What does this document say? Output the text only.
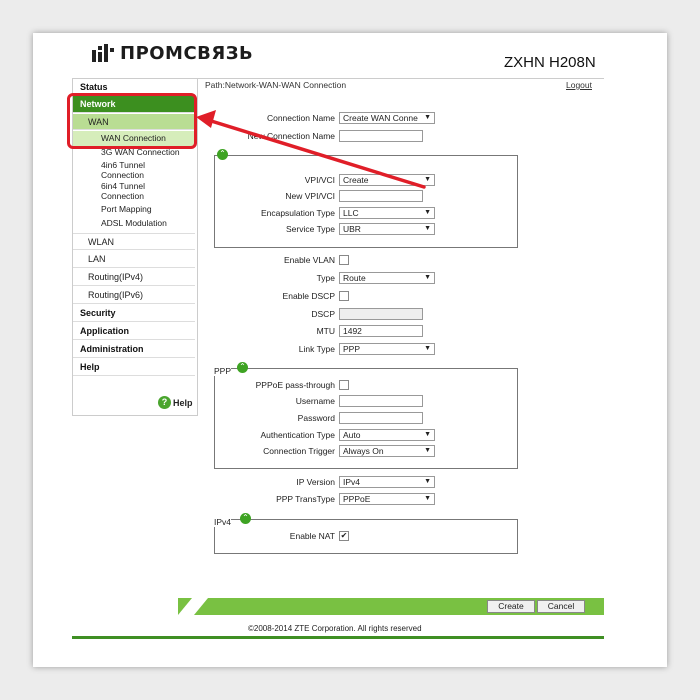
ПРОМСВЯЗЬ	ZXHN H208N
Path:Network-WAN-WAN Connection	Logout
Status
Network
WAN
WAN Connection
3G WAN Connection
4in6 Tunnel
Connection
6in4 Tunnel
Connection
Port Mapping
ADSL Modulation
WLAN
LAN
Routing(IPv4)
Routing(IPv6)
Security
Application
Administration
Help
? Help
Connection Name Create WAN Conne ▼
New Connection Name
⌃
VPI/VCI Create	▼
New VPI/VCI
Encapsulation Type LLC	▼
Service Type UBR	▼
Enable VLAN
Type Route	▼
Enable DSCP
DSCP
MTU 1492
Link Type PPP	▼
PPP ⌃
PPPoE pass-through
Username
Password
Authentication Type Auto	▼
Connection Trigger Always On	▼
IP Version IPv4	▼
PPP TransType PPPoE	▼
IPv4 ⌃
Enable NAT ✔
Create	Cancel
©2008-2014 ZTE Corporation. All rights reserved
